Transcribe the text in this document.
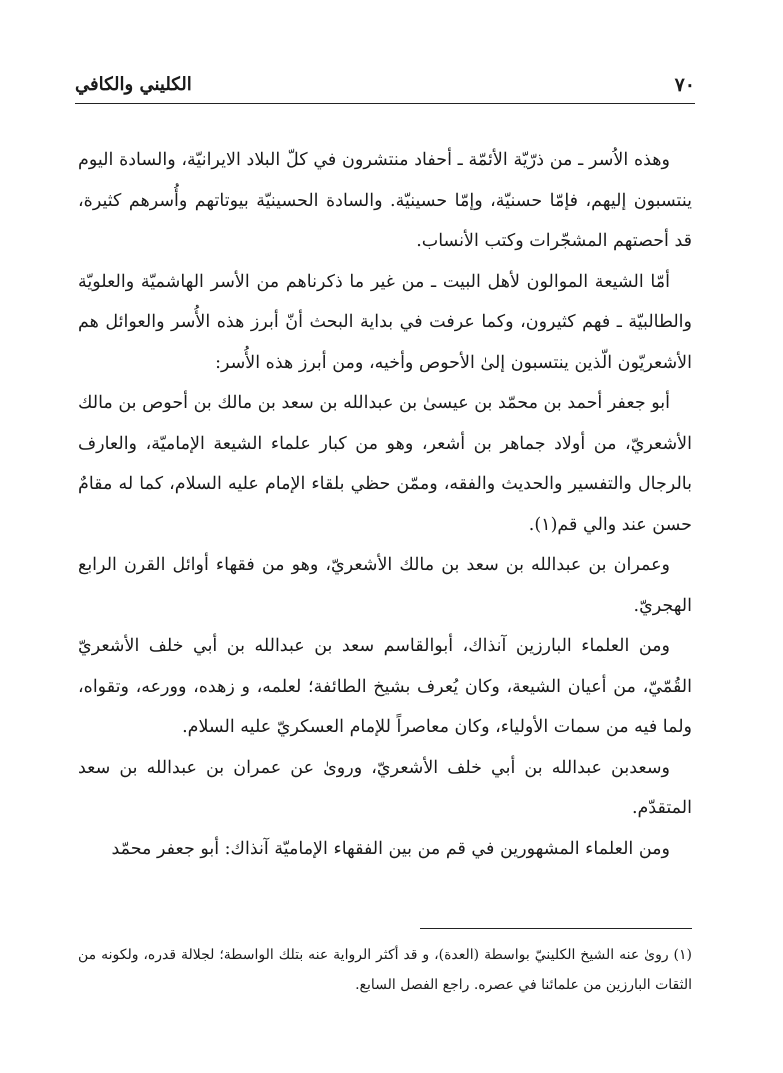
٧٠
الكليني والكافي

وهذه الاُسر ـ من ذرّيّة الأئمّة ـ أحفاد منتشرون في كلّ البلاد الايرانيّة، والسادة اليوم ينتسبون إليهم، فإمّا حسنيّة، وإمّا حسينيّة. والسادة الحسينيّة بيوتاتهم وأُسرهم كثيرة، قد أحصتهم المشجّرات وكتب الأنساب.

أمّا الشيعة الموالون لأهل البيت ـ من غير ما ذكرناهم من الأسر الهاشميّة والعلويّة والطالبيّة ـ فهم كثيرون، وكما عرفت في بداية البحث أنّ أبرز هذه الأُسر والعوائل هم الأشعريّون الّذين ينتسبون إلىٰ الأحوص وأخيه، ومن أبرز هذه الأُسر:

أبو جعفر أحمد بن محمّد بن عيسىٰ بن عبدالله بن سعد بن مالك بن أحوص بن مالك الأشعريّ، من أولاد جماهر بن أشعر، وهو من كبار علماء الشيعة الإماميّة، والعارف بالرجال والتفسير والحديث والفقه، وممّن حظي بلقاء الإمام عليه السلام، كما له مقامٌ حسن عند والي قم(١).

وعمران بن عبدالله بن سعد بن مالك الأشعريّ، وهو من فقهاء أوائل القرن الرابع الهجريّ.

ومن العلماء البارزين آنذاك، أبوالقاسم سعد بن عبدالله بن أبي خلف الأشعريّ القُمّيّ، من أعيان الشيعة، وكان يُعرف بشيخ الطائفة؛ لعلمه، و زهده، وورعه، وتقواه، ولما فيه من سمات الأولياء، وكان معاصراً للإمام العسكريّ عليه السلام.

وسعدبن عبدالله بن أبي خلف الأشعريّ، وروىٰ عن عمران بن عبدالله بن سعد المتقدّم.

ومن العلماء المشهورين في قم من بين الفقهاء الإماميّة آنذاك: أبو جعفر محمّد

(١) روىٰ عنه الشيخ الكلينيّ بواسطة (العدة)، و قد أكثر الرواية عنه بتلك الواسطة؛ لجلالة قدره، ولكونه من الثقات البارزين من علمائنا في عصره. راجع الفصل السابع.
